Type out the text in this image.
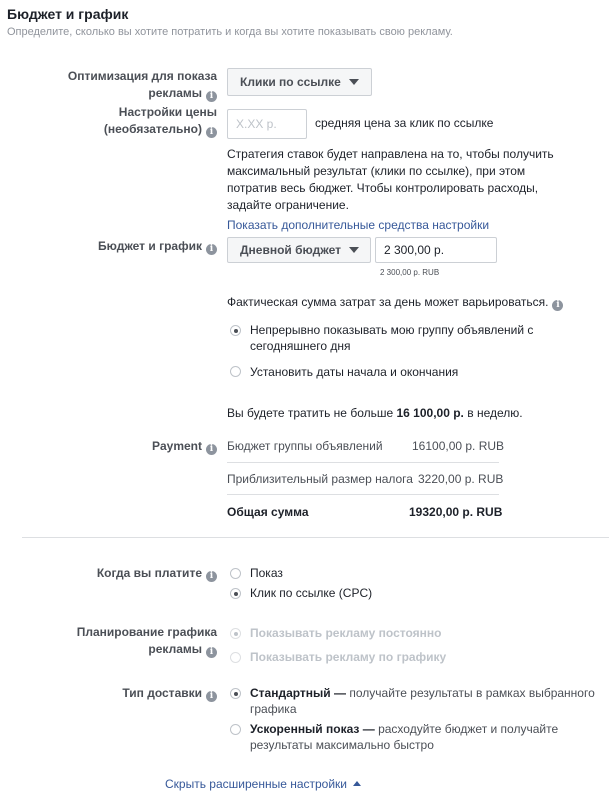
Бюджет и график
Определите, сколько вы хотите потратить и когда вы хотите показывать свою рекламу.
Оптимизация для показа
рекламы i
Клики по ссылке
Настройки цены
(необязательно) i
X.XX р.
средняя цена за клик по ссылке
Стратегия ставок будет направлена на то, чтобы получить
максимальный результат (клики по ссылке), при этом
потратив весь бюджет. Чтобы контролировать расходы,
задайте ограничение.
Показать дополнительные средства настройки
Бюджет и график i	Дневной бюджет	2 300,00 р.
2 300,00 р. RUB
Фактическая сумма затрат за день может варьироваться. i
Непрерывно показывать мою группу объявлений с
сегодняшнего дня
Установить даты начала и окончания
Вы будете тратить не больше 16 100,00 р. в неделю.
Payment i	Бюджет группы объявлений 16100,00 р. RUB
Приблизительный размер налога 3220,00 р. RUB
Общая сумма	19320,00 р. RUB
Когда вы платите i	Показ
Клик по ссылке (CPC)
Планирование графика
рекламы i
Показывать рекламу постоянно
Показывать рекламу по графику
Тип доставки i	Стандартный — получайте результаты в рамках выбранного
графика
Ускоренный показ — расходуйте бюджет и получайте
результаты максимально быстро
Скрыть расширенные настройки
